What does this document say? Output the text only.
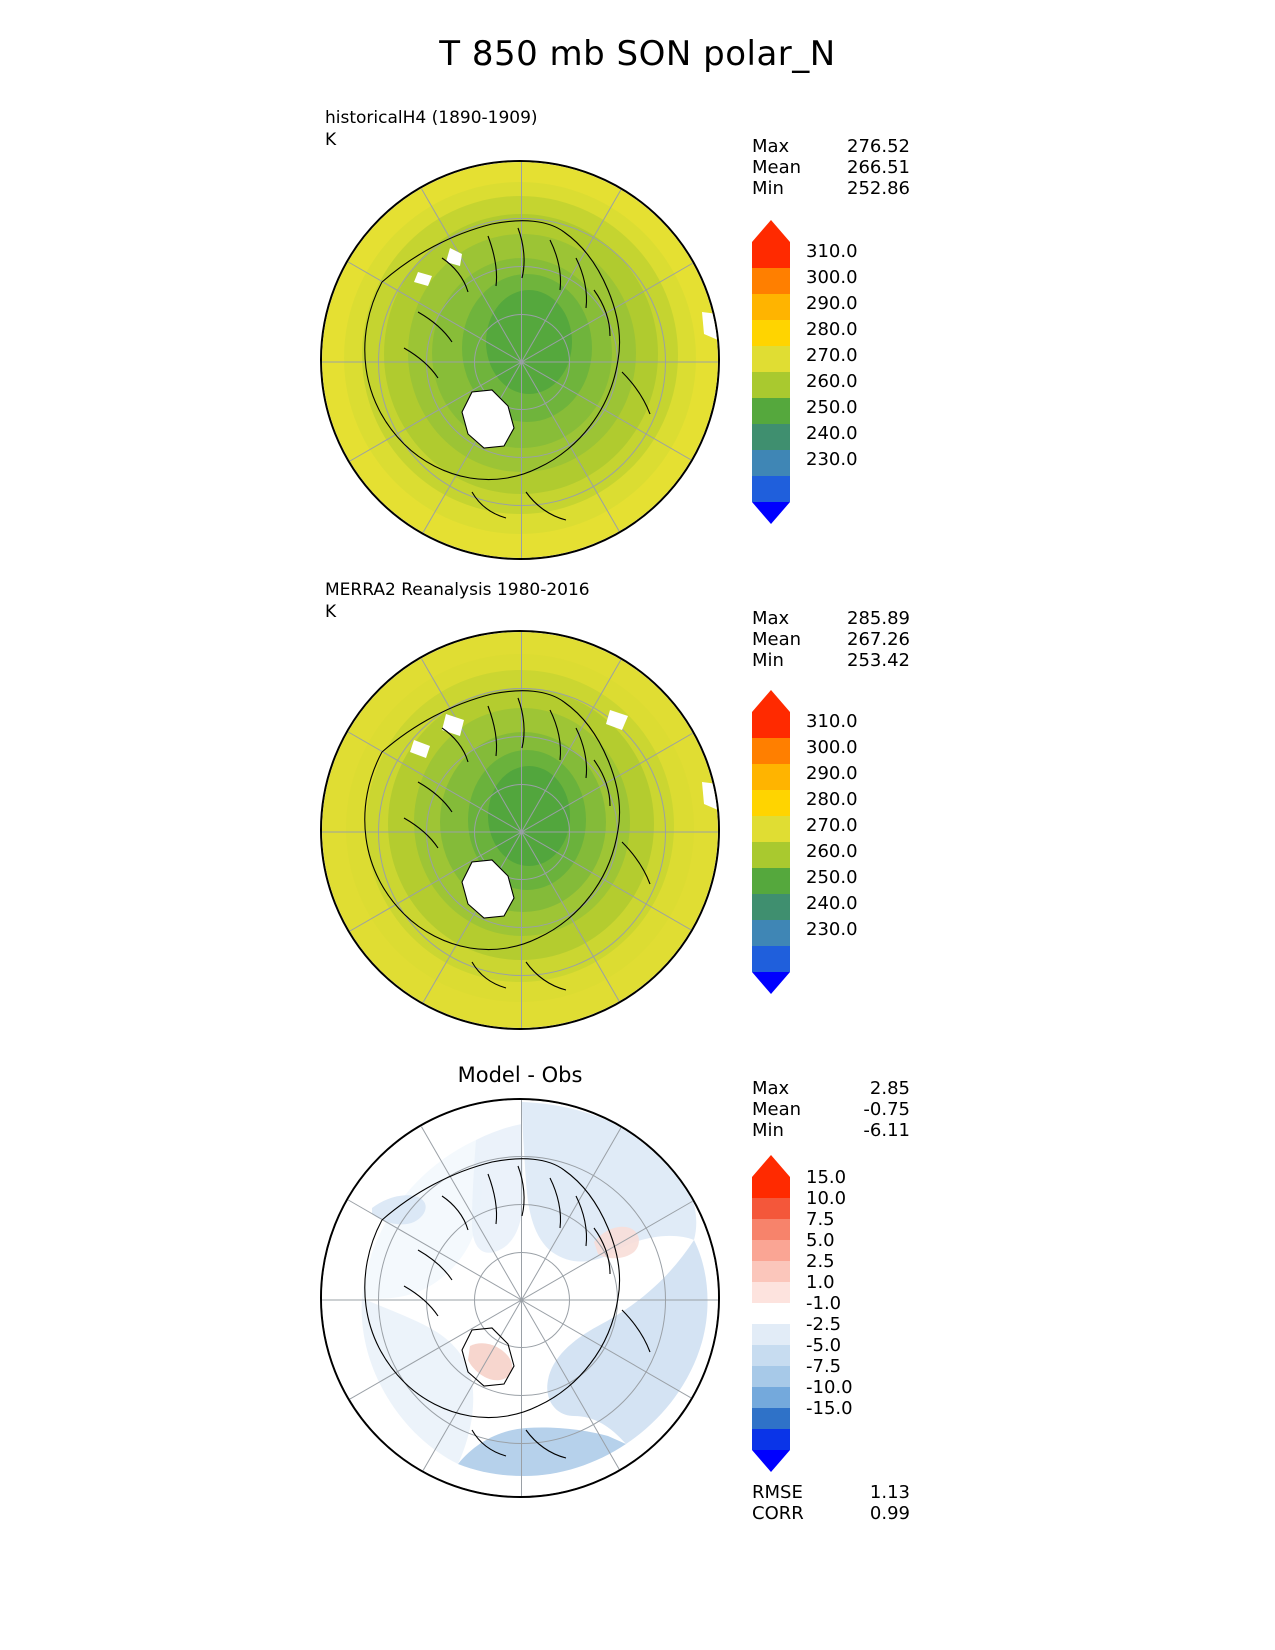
T 850 mb SON polar_N
historicalH4 (1890-1909)
K	Max	276.52
Mean	266.51
Min	252.86
310.0
300.0
290.0
280.0
270.0
260.0
250.0
240.0
230.0
MERRA2 Reanalysis 1980-2016
K	Max	285.89
Mean	267.26
Min	253.42
310.0
300.0
290.0
280.0
270.0
260.0
250.0
240.0
230.0
Model - Obs
Max	2.85
Mean	-0.75
Min	-6.11
15.0
10.0
7.5
5.0
2.5
1.0
-1.0
-2.5
-5.0
-7.5
-10.0
-15.0
RMSE	1.13
CORR	0.99
